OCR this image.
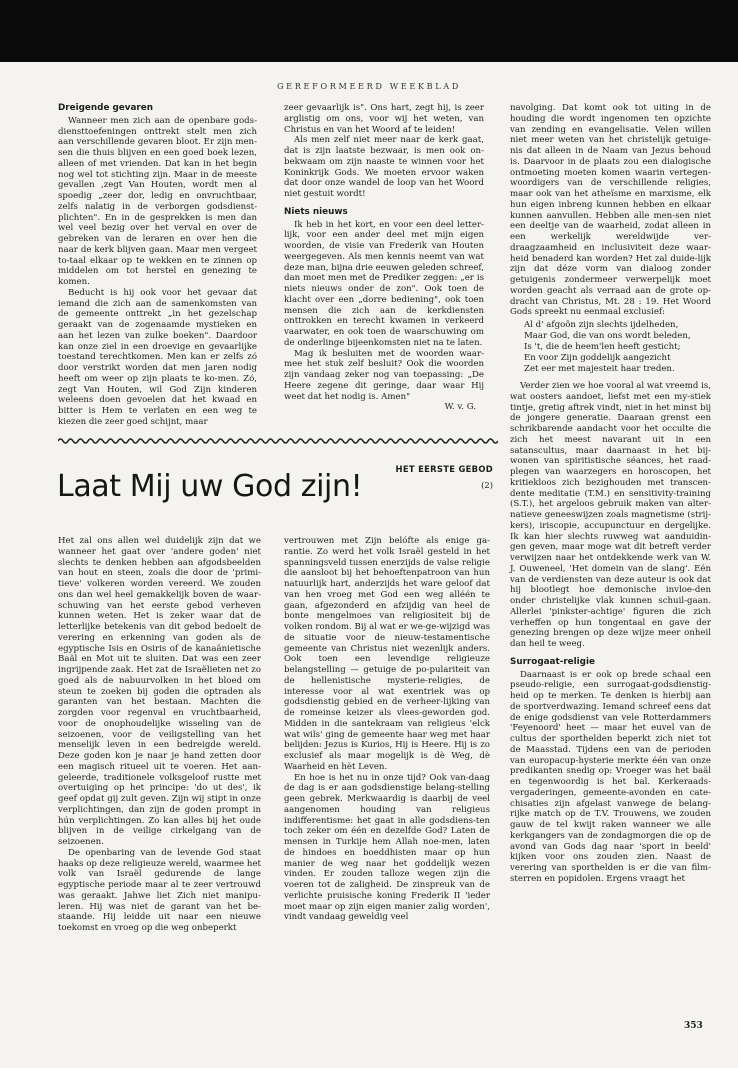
GEREFORMEERD WEEKBLAD
Dreigende gevaren

Wanneer men zich aan de openbare gods-diensttoefeningen onttrekt stelt men zich aan verschillende gevaren bloot. Er zijn men-sen die thuis blijven en een goed boek lezen, alleen of met vrienden. Dat kan in het begin nog wel tot stichting zijn. Maar in de meeste gevallen ,zegt Van Houten, wordt men al spoedig „zeer dor, ledig en onvruchtbaar, zelfs nalatig in de verborgen godsdienst-plichten". En in de gesprekken is men dan wel veel bezig over het verval en over de gebreken van de leraren en over hen die naar de kerk blijven gaan. Maar men vergeet to-taal elkaar op te wekken en te zinnen op middelen om tot herstel en genezing te komen.

Beducht is hij ook voor het gevaar dat iemand die zich aan de samenkomsten van de gemeente onttrekt „in het gezelschap geraakt van de zogenaamde mystieken en aan het lezen van zulke boeken". Daardoor kan onze ziel in een droevige en gevaarlijke toestand terechtkomen. Men kan er zelfs zó door verstrikt worden dat men jaren nodig heeft om weer op zijn plaats te ko-men. Zó, zegt Van Houten, wil God Zijn kinderen weleens doen gevoelen dat het kwaad en bitter is Hem te verlaten en een weg te kiezen die zeer goed schijnt, maar

zeer gevaarlijk is". Ons hart, zegt hij, is zeer arglistig om ons, voor wij het weten, van Christus en van het Woord af te leiden!

Als men zelf niet meer naar de kerk gaat, dat is zijn laatste bezwaar, is men ook on-bekwaam om zijn naaste te winnen voor het Koninkrijk Gods. We moeten ervoor waken dat door onze wandel de loop van het Woord niet gestuit wordt!

Niets nieuws

Ik heb in het kort, en voor een deel letter-lijk, voor een ander deel met mijn eigen woorden, de visie van Frederik van Houten weergegeven. Als men kennis neemt van wat deze man, bijna drie eeuwen geleden schreef, dan moet men met de Prediker zeggen: „er is niets nieuws onder de zon". Ook toen de klacht over een „dorre bediening", ook toen mensen die zich aan de kerkdiensten onttrokken en terecht kwamen in verkeerd vaarwater, en ook toen de waarschuwing om de onderlinge bijeenkomsten niet na te laten.

Mag ik besluiten met de woorden waar-mee het stuk zelf besluit? Ook die woorden zijn vandaag zeker nog van toepassing: „De Heere zegene dit geringe, daar waar Hij weet dat het nodig is. Amen"

W. v. G.

navolging. Dat komt ook tot uiting in de houding die wordt ingenomen ten opzichte van zending en evangelisatie. Velen willen niet meer weten van het christelijk getuige-nis dat alleen in de Naam van Jezus behoud is. Daarvoor in de plaats zou een dialogische ontmoeting moeten komen waarin vertegen-woordigers van de verschillende religies, maar ook van het atheïsme en marxisme, elk hun eigen inbreng kunnen hebben en elkaar kunnen aanvullen. Hebben alle men-sen niet een deeltje van de waarheid, zodat alleen in een werkelijk wereldwijde ver-draagzaamheid en inclusiviteit deze waar-heid benaderd kan worden? Het zal duide-lijk zijn dat déze vorm van dialoog zonder getuigenis zondermeer verwerpelijk moet worden geacht als verraad aan de grote op-dracht van Christus, Mt. 28 : 19. Het Woord Gods spreekt nu eenmaal exclusief:

Al d' afgoôn zijn slechts ijdelheden,
Maar God, die van ons wordt beleden,
Is 't, die de heem'len heeft gesticht;
En voor Zijn goddelijk aangezicht
Zet eer met majesteit haar treden.

Verder zien we hoe vooral al wat vreemd is, wat oosters aandoet, liefst met een my-stiek tintje, gretig aftrek vindt, niet in het minst bij de jongere generatie. Daaraan grenst een schrikbarende aandacht voor het occulte die zich het meest navarant uit in een satanscultus, maar daarnaast in het bij-wonen van spiritistische séances, het raad-plegen van waarzegers en horoscopen, het kritiekloos zich bezighouden met transcen-dente meditatie (T.M.) en sensitivity-training (S.T.), het argeloos gebruik maken van alter-natieve geneeswijzen zoals magnetisme (strij-kers), iriscopie, accupunctuur en dergelijke. Ik kan hier slechts ruwweg wat aanduidin-gen geven, maar moge wat dit betreft verder verwijzen naar het ontdekkende werk van W. J. Ouweneel, 'Het domein van de slang'. Eén van de verdiensten van deze auteur is ook dat hij blootlegt hoe demonische invloe-den onder christelijke vlak kunnen schuil-gaan. Allerlei 'pinkster-achtige' figuren die zich verheffen op hun tongentaal en gave der genezing brengen op deze wijze meer onheil dan heil te weeg.

Surrogaat-religie

Daarnaast is er ook op brede schaal een pseudo-religie, een surrogaat-godsdienstig-heid op te merken. Te denken is hierbij aan de sportverdwazing. Iemand schreef eens dat de enige godsdienst van vele Rotterdammers 'Feyenoord' heet — maar het euvel van de cultus der sporthelden beperkt zich niet tot de Maasstad. Tijdens een van de perioden van europacup-hysterie merkte één van onze predikanten snedig op: Vroeger was het baäl en tegenwoordig is het bal. Kerkeraads-vergaderingen, gemeente-avonden en cate-chisaties zijn afgelast vanwege de belang-rijke match op de T.V. Trouwens, we zouden gauw de tel kwijt raken wanneer we alle kerkgangers van de zondagmorgen die op de avond van Gods dag naar 'sport in beeld' kijken voor ons zouden zien. Naast de verering van sporthelden is er die van film-sterren en popidolen. Ergens vraagt het

HET EERSTE GEBOD
(2)
Laat Mij uw God zijn!

Het zal ons allen wel duidelijk zijn dat we wanneer het gaat over 'andere goden' niet slechts te denken hebben aan afgodsbeelden van hout en steen, zoals die door de 'primi-tieve' volkeren worden vereerd. We zouden ons dan wel heel gemakkelijk boven de waar-schuwing van het eerste gebod verheven kunnen weten. Het is zeker waar dat de letterlijke betekenis van dit gebod bedoelt de verering en erkenning van goden als de egyptische Isis en Osiris of de kanaänietische Baäl en Mot uit te sluiten. Dat was een zeer ingrijpende zaak. Het zat de Israëlieten net zo goed als de nabuurvolken in het bloed om steun te zoeken bij goden die optraden als garanten van het bestaan. Machten die zorgden voor regenval en vruchtbaarheid, voor de onophoudelijke wisseling van de seizoenen, voor de veiligstelling van het menselijk leven in een bedreigde wereld. Deze goden kon je naar je hand zetten door een magisch ritueel uit te voeren. Het aan-geleerde, traditionele volksgeloof rustte met overtuiging op het principe: 'do ut des', ik geef opdat gij zult geven. Zijn wij stipt in onze verplichtingen, dan zijn de goden prompt in hún verplichtingen. Zo kan alles bij het oude blijven in de veilige cirkelgang van de seizoenen.

De openbaring van de levende God staat haaks op deze religieuze wereld, waarmee het volk van Israël gedurende de lange egyptische periode maar al te zeer vertrouwd was geraakt. Jahwe liet Zich niet manipu-leren. Hij was niet de garant van het be-staande. Hij leidde uit naar een nieuwe toekomst en vroeg op die weg onbeperkt

vertrouwen met Zijn belófte als enige ga-rantie. Zo werd het volk Israël gesteld in het spanningsveld tussen enerzijds de valse religie die aansloot bij het behoeftenpatroon van hun natuurlijk hart, anderzijds het ware geloof dat van hen vroeg met God een weg alléén te gaan, afgezonderd en afzijdig van heel de bonte mengelmoes van religiositeit bij de volken rondom. Bij al wat er we-ge-wijzigd was de situatie voor de nieuw-testamentische gemeente van Christus niet wezenlijk anders. Ook toen een levendige religieuze belangstelling — getuige de po-pulariteit van de hellenistische mysterie-religies, de interesse voor al wat exentriek was op godsdienstig gebied en de verheer-lijking van de romeinse keizer als vlees-geworden god. Midden in die santekraam van religieus 'elck wat wils' ging de gemeente haar weg met haar belijden: Jezus is Kurios, Hij is Heere. Hij is zo exclusief als maar mogelijk is dè Weg, dè Waarheid en hèt Leven.

En hoe is het nu in onze tijd? Ook van-daag de dag is er aan godsdienstige belang-stelling geen gebrek. Merkwaardig is daarbij de veel aangenomen houding van religieus indifferentisme: het gaat in alle godsdiens-ten toch zeker om één en dezelfde God? Laten de mensen in Turkije hem Allah noe-men, laten de hindoes en boeddhisten maar op hun manier de weg naar het goddelijk wezen vinden. Er zouden talloze wegen zijn die voeren tot de zaligheid. De zinspreuk van de verlichte pruisische koning Frederik II 'ieder moet maar op zijn eigen manier zalig worden', vindt vandaag geweldig veel

353
